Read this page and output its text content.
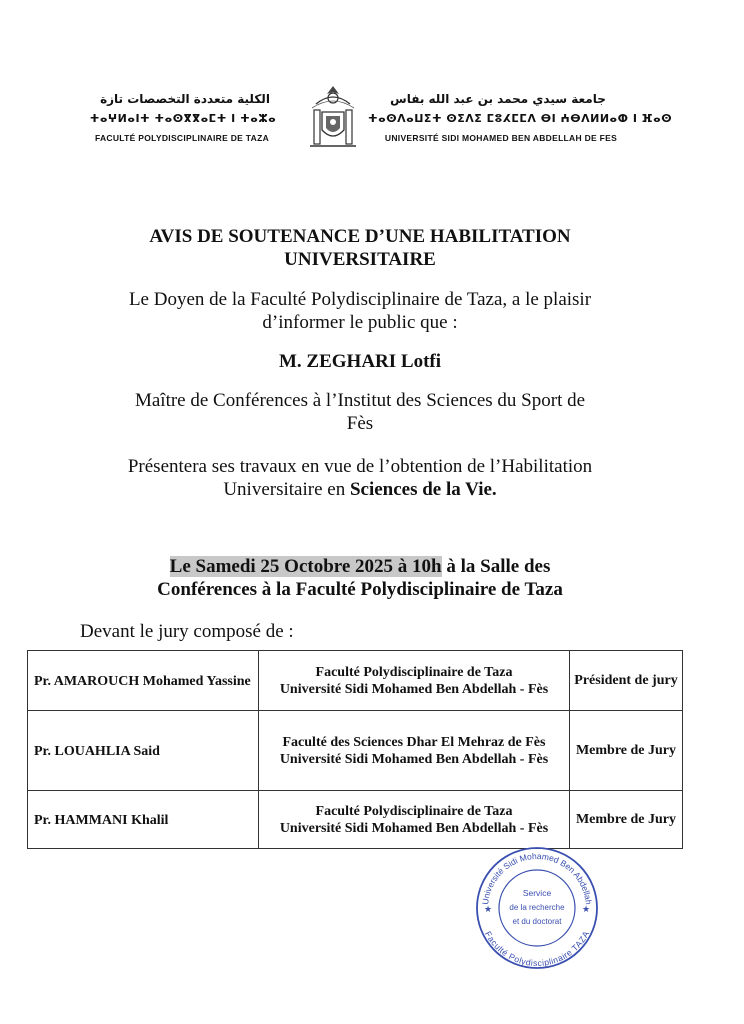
الكلية متعددة التخصصات تازة
ⵜⴰⵖⵍⴰⵏⵜ ⵜⴰⵙⴳⴳⴰⵎⵜ ⵏ ⵜⴰⵣⴰ
FACULTÉ POLYDISCIPLINAIRE DE TAZA
جامعة سيدي محمد بن عبد الله بفاس
ⵜⴰⵙⴷⴰⵡⵉⵜ ⵙⵉⴷⵉ ⵎⵓⵃⵎⵎⴷ ⴱⵏ ⵄⴱⴷⵍⵍⴰⵀ ⵏ ⴼⴰⵙ
UNIVERSITÉ SIDI MOHAMED BEN ABDELLAH DE FES
AVIS DE SOUTENANCE D’UNE HABILITATION
UNIVERSITAIRE
Le Doyen de la Faculté Polydisciplinaire de Taza, a le plaisir
d’informer le public que :
M. ZEGHARI Lotfi
Maître de Conférences à l’Institut des Sciences du Sport de
Fès
Présentera ses travaux en vue de l’obtention de l’Habilitation
Universitaire en Sciences de la Vie.
Le Samedi 25 Octobre 2025 à 10h à la Salle des
Conférences à la Faculté Polydisciplinaire de Taza
Devant le jury composé de :
Pr. AMAROUCH Mohamed Yassine	Faculté Polydisciplinaire de Taza
Université Sidi Mohamed Ben Abdellah - Fès	Président de jury
Pr. LOUAHLIA Said	Faculté des Sciences Dhar El Mehraz de Fès
Université Sidi Mohamed Ben Abdellah - Fès	Membre de Jury
Pr. HAMMANI Khalil	Faculté Polydisciplinaire de Taza
Université Sidi Mohamed Ben Abdellah - Fès	Membre de Jury
Université Sidi Mohamed Ben Abdellah
Faculté Polydisciplinaire TAZA
★	★
Service
de la recherche
et du doctorat
